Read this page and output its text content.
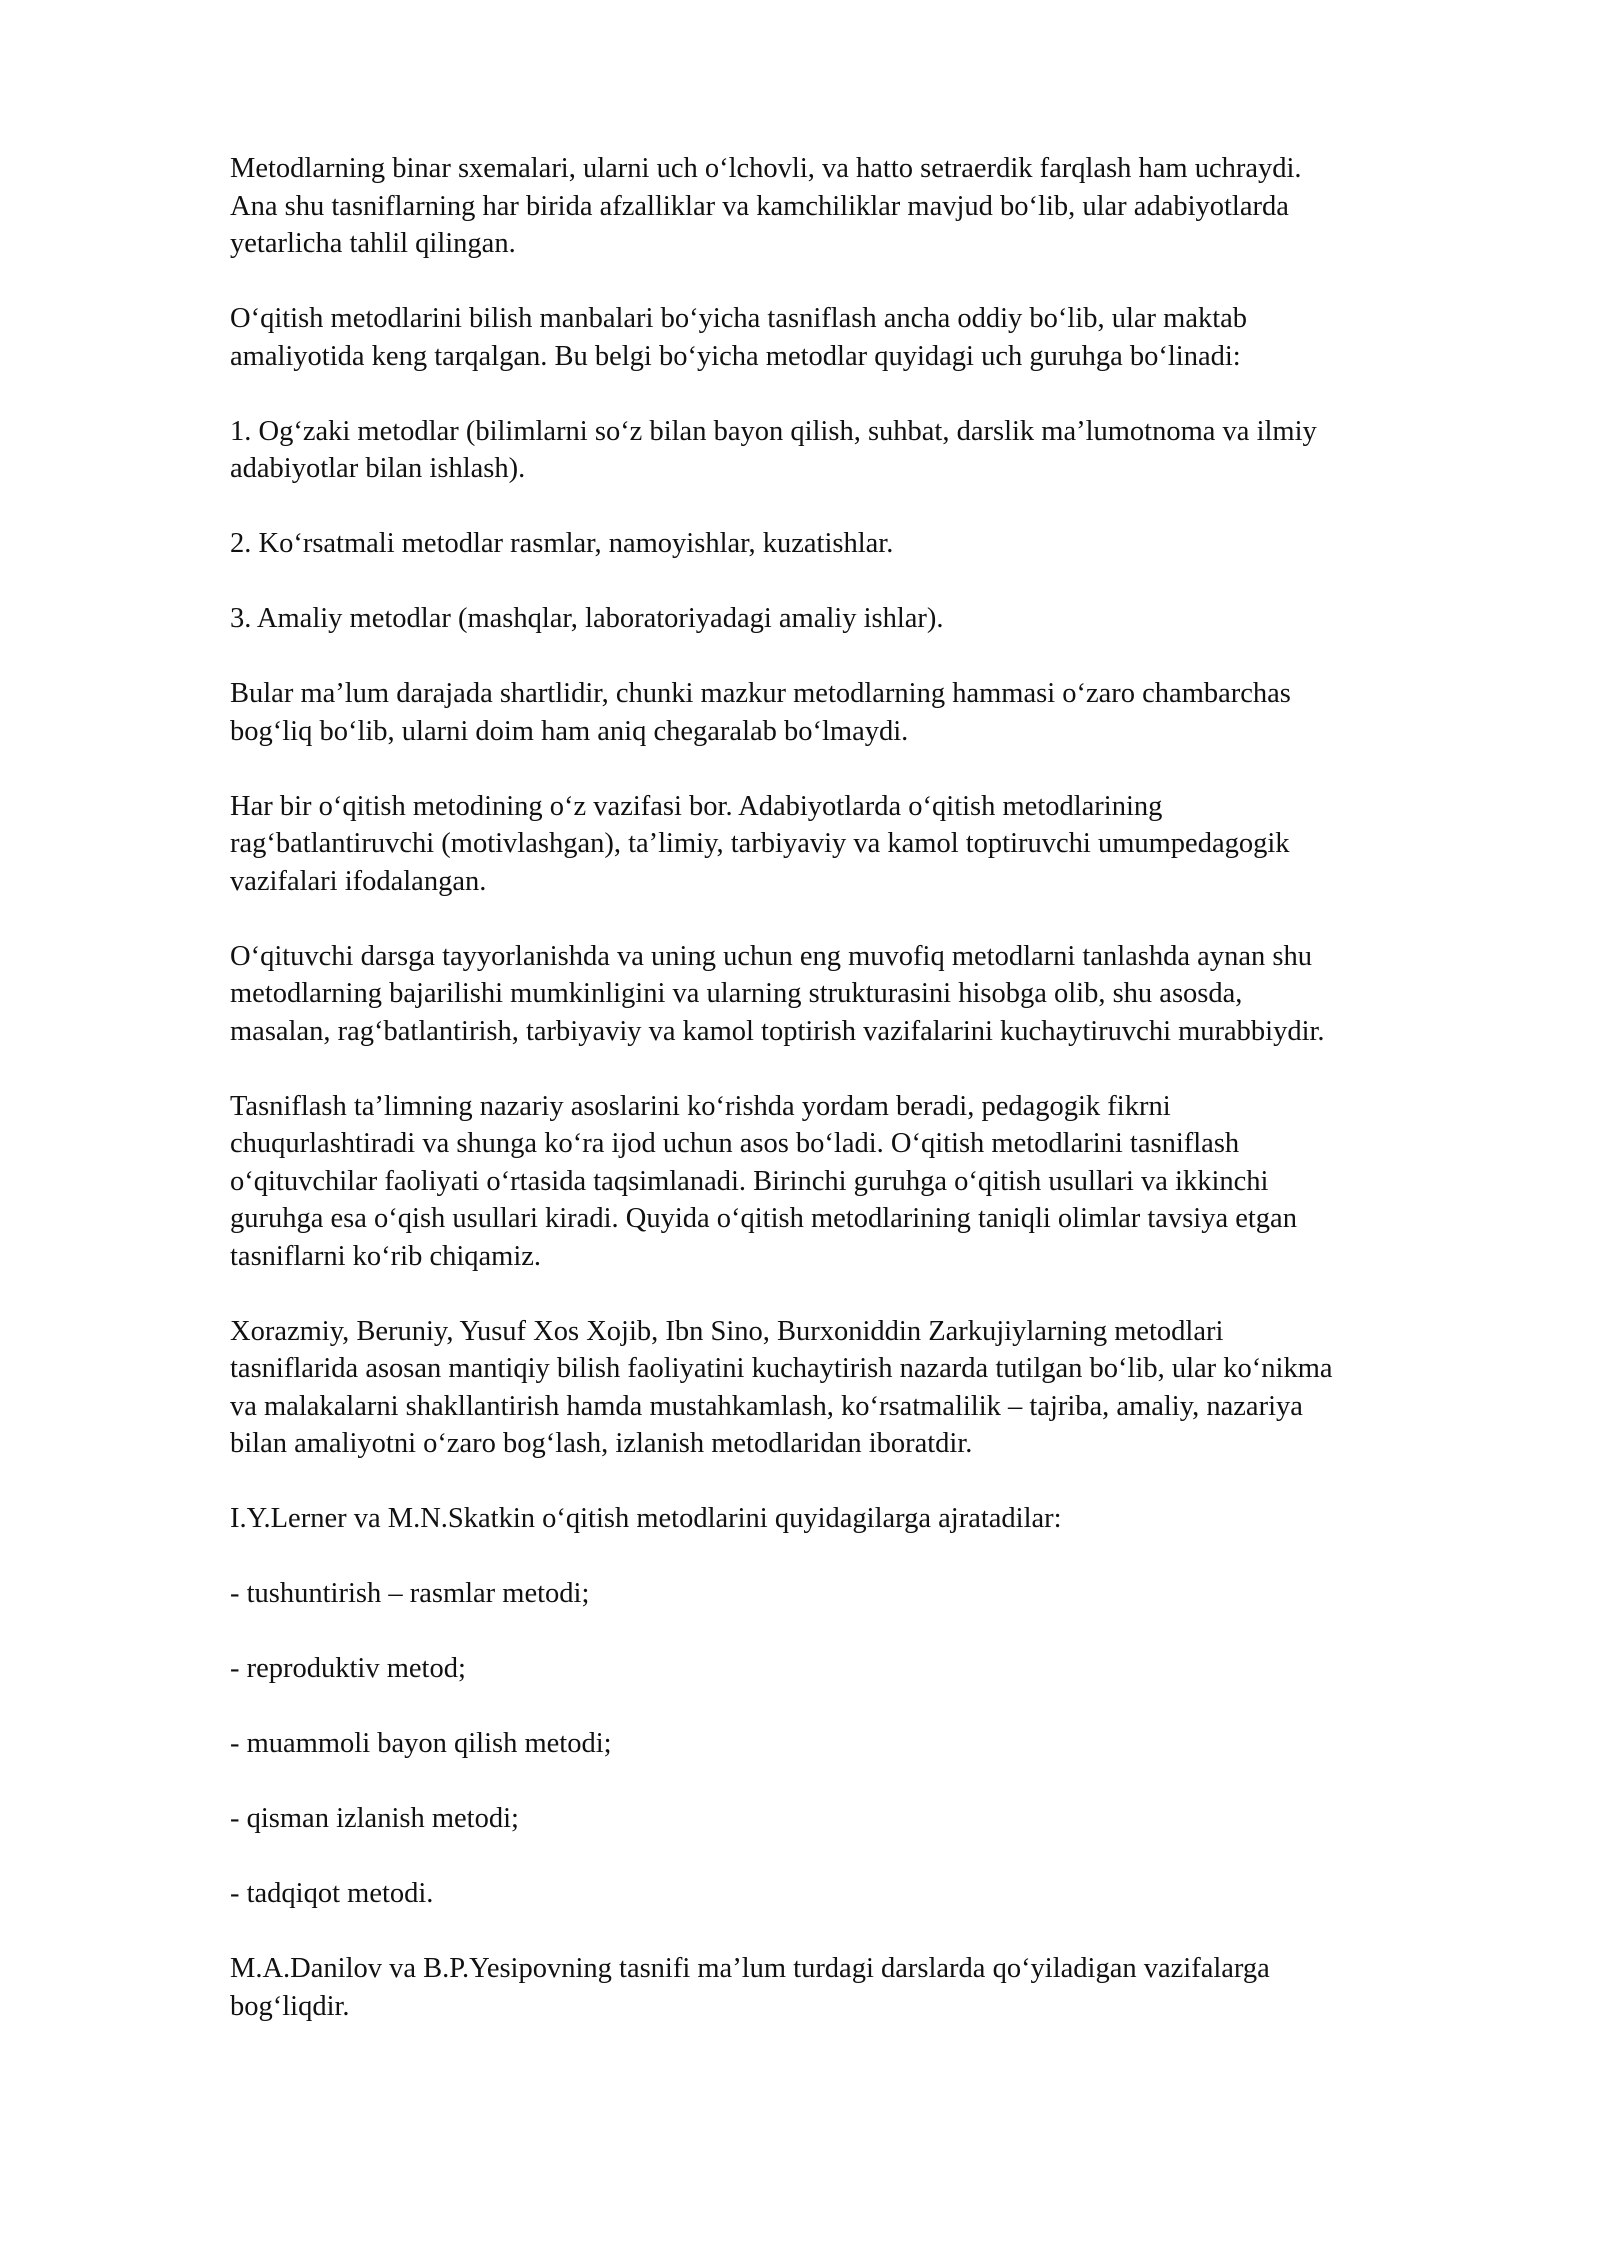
Metodlarning binar sxemalari, ularni uch o‘lchovli, va hatto setraerdik farqlash ham uchraydi.
Ana shu tasniflarning har birida afzalliklar va kamchiliklar mavjud bo‘lib, ular adabiyotlarda
yetarlicha tahlil qilingan.

O‘qitish metodlarini bilish manbalari bo‘yicha tasniflash ancha oddiy bo‘lib, ular maktab
amaliyotida keng tarqalgan. Bu belgi bo‘yicha metodlar quyidagi uch guruhga bo‘linadi:

1. Og‘zaki metodlar (bilimlarni so‘z bilan bayon qilish, suhbat, darslik ma’lumotnoma va ilmiy
adabiyotlar bilan ishlash).

2. Ko‘rsatmali metodlar rasmlar, namoyishlar, kuzatishlar.

3. Amaliy metodlar (mashqlar, laboratoriyadagi amaliy ishlar).

Bular ma’lum darajada shartlidir, chunki mazkur metodlarning hammasi o‘zaro chambarchas
bog‘liq bo‘lib, ularni doim ham aniq chegaralab bo‘lmaydi.

Har bir o‘qitish metodining o‘z vazifasi bor. Adabiyotlarda o‘qitish metodlarining
rag‘batlantiruvchi (motivlashgan), ta’limiy, tarbiyaviy va kamol toptiruvchi umumpedagogik
vazifalari ifodalangan.

O‘qituvchi darsga tayyorlanishda va uning uchun eng muvofiq metodlarni tanlashda aynan shu
metodlarning bajarilishi mumkinligini va ularning strukturasini hisobga olib, shu asosda,
masalan, rag‘batlantirish, tarbiyaviy va kamol toptirish vazifalarini kuchaytiruvchi murabbiydir.

Tasniflash ta’limning nazariy asoslarini ko‘rishda yordam beradi, pedagogik fikrni
chuqurlashtiradi va shunga ko‘ra ijod uchun asos bo‘ladi. O‘qitish metodlarini tasniflash
o‘qituvchilar faoliyati o‘rtasida taqsimlanadi. Birinchi guruhga o‘qitish usullari va ikkinchi
guruhga esa o‘qish usullari kiradi. Quyida o‘qitish metodlarining taniqli olimlar tavsiya etgan
tasniflarni ko‘rib chiqamiz.

Xorazmiy, Beruniy, Yusuf Xos Xojib, Ibn Sino, Burxoniddin Zarkujiylarning metodlari
tasniflarida asosan mantiqiy bilish faoliyatini kuchaytirish nazarda tutilgan bo‘lib, ular ko‘nikma
va malakalarni shakllantirish hamda mustahkamlash, ko‘rsatmalilik – tajriba, amaliy, nazariya
bilan amaliyotni o‘zaro bog‘lash, izlanish metodlaridan iboratdir.

I.Y.Lerner va M.N.Skatkin o‘qitish metodlarini quyidagilarga ajratadilar:

- tushuntirish – rasmlar metodi;

- reproduktiv metod;

- muammoli bayon qilish metodi;

- qisman izlanish metodi;

- tadqiqot metodi.

M.A.Danilov va B.P.Yesipovning tasnifi ma’lum turdagi darslarda qo‘yiladigan vazifalarga
bog‘liqdir.
